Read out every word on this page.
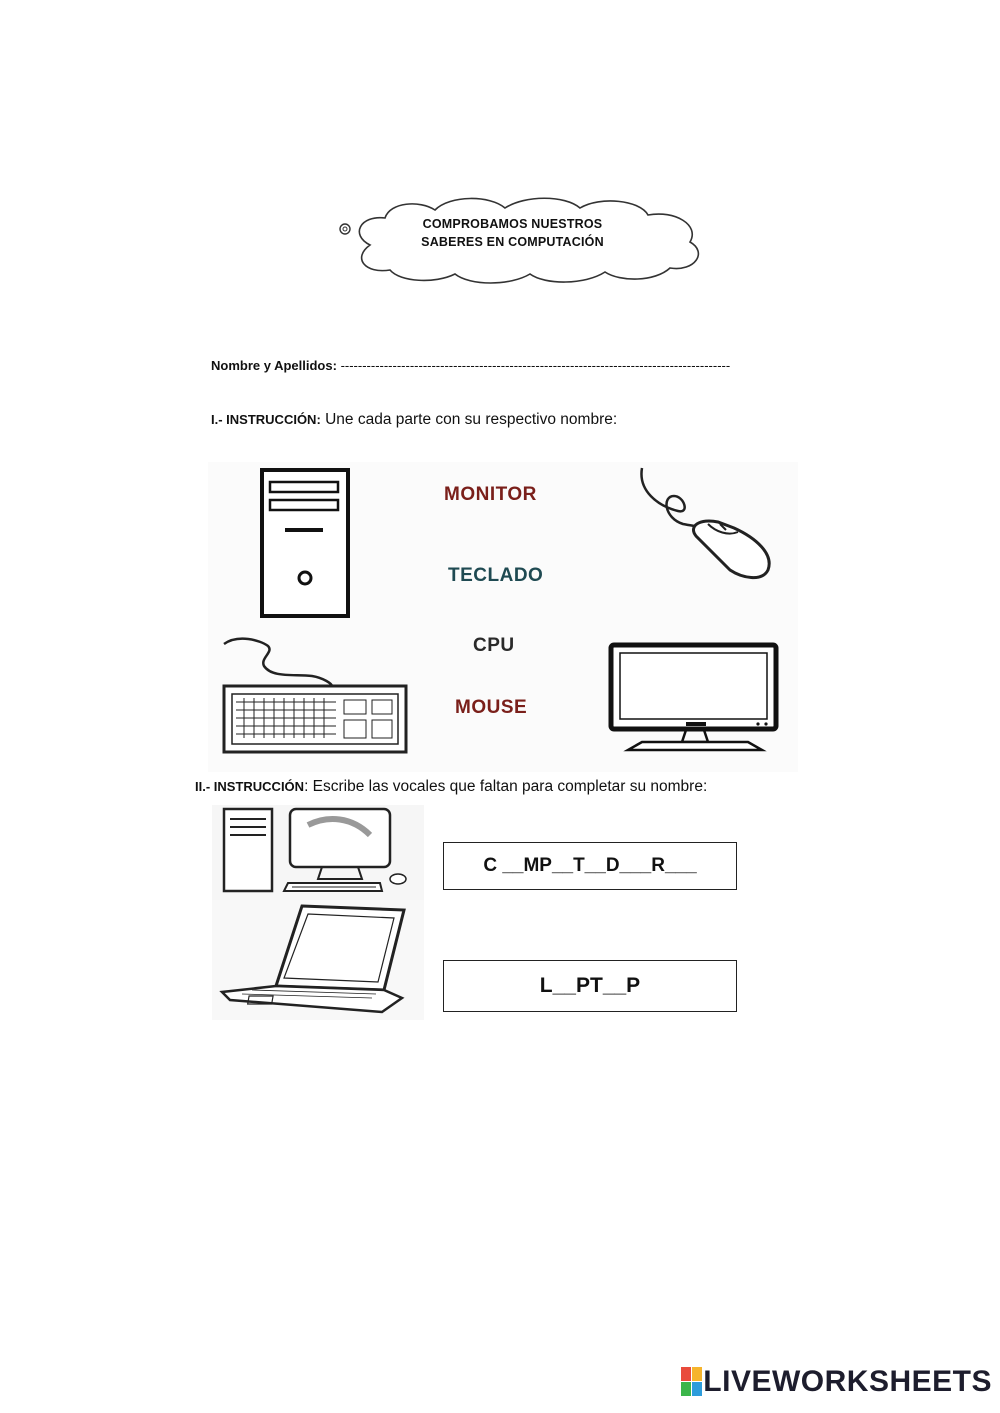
COMPROBAMOS NUESTROS
SABERES EN COMPUTACIÓN
Nombre y Apellidos: ------------------------------------------------------------------------------------------
I.- INSTRUCCIÓN: Une cada parte con su respectivo nombre:
MONITOR
TECLADO
CPU
MOUSE
II.- INSTRUCCIÓN: Escribe las vocales que faltan para completar su nombre:
C __MP__T__D___R___
L__PT__P
LIVEWORKSHEETS
